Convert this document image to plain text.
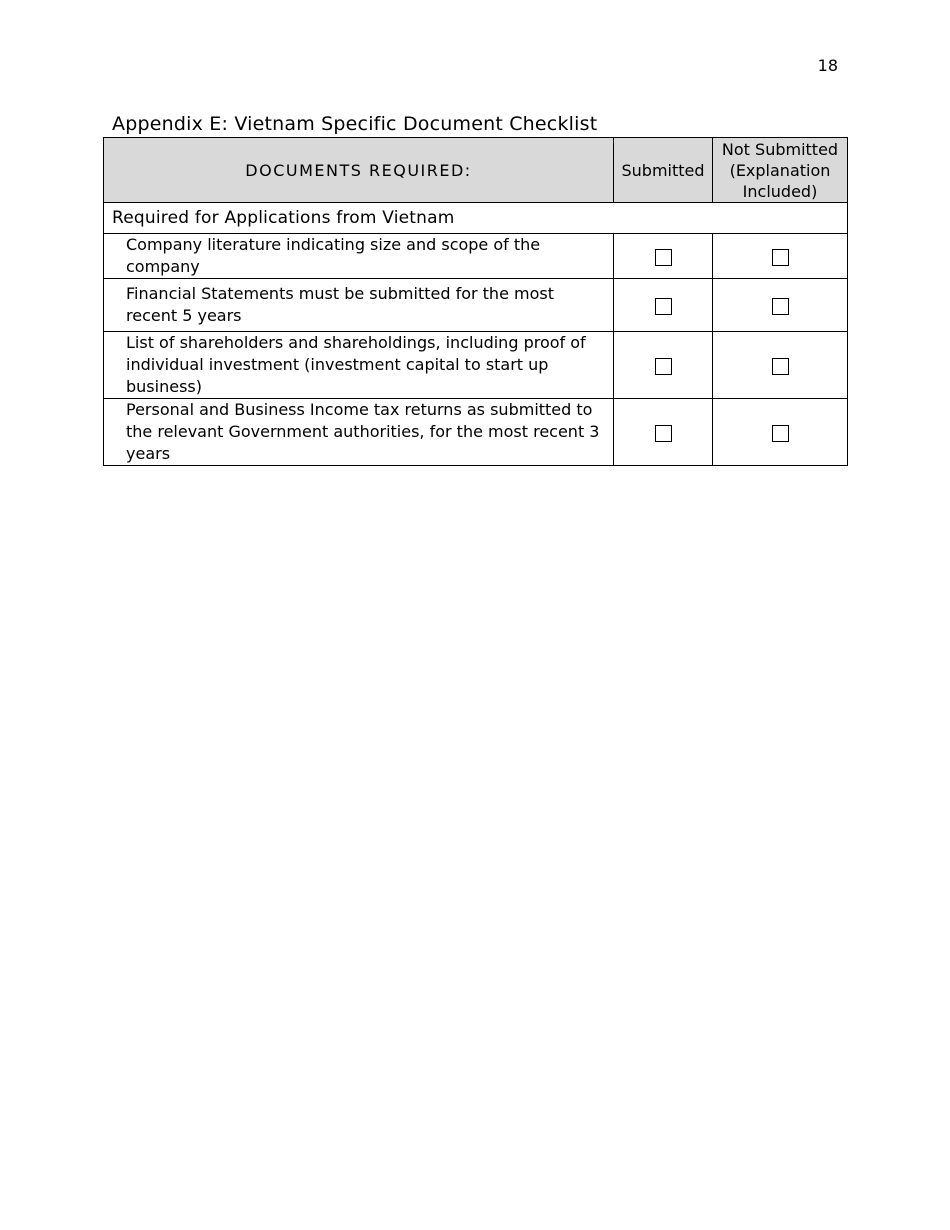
18
Appendix E: Vietnam Specific Document Checklist
DOCUMENTS REQUIRED:	Submitted	Not Submitted (Explanation Included)
Required for Applications from Vietnam		
Company literature indicating size and scope of the company		
Financial Statements must be submitted for the most recent 5 years		
List of shareholders and shareholdings, including proof of individual investment (investment capital to start up business)		
Personal and Business Income tax returns as submitted to the relevant Government authorities, for the most recent 3 years		
